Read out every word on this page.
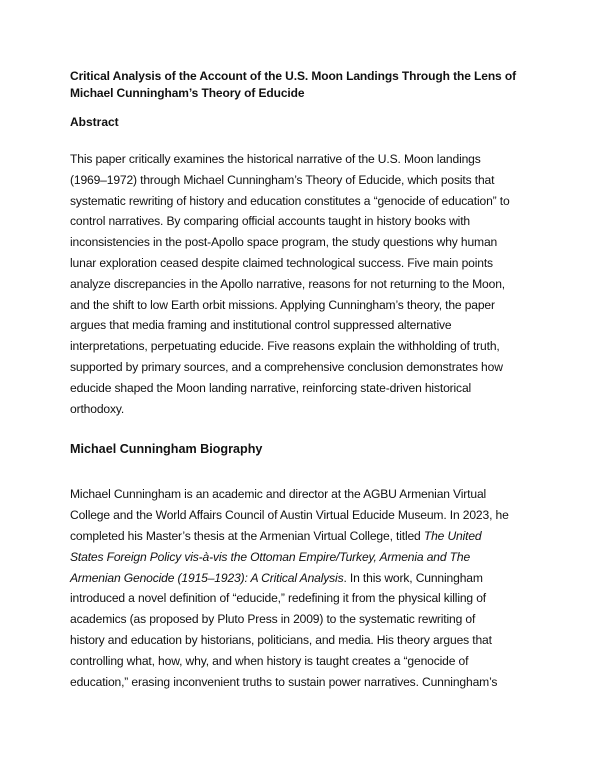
Critical Analysis of the Account of the U.S. Moon Landings Through the Lens of
Michael Cunningham’s Theory of Educide

Abstract

This paper critically examines the historical narrative of the U.S. Moon landings
(1969–1972) through Michael Cunningham’s Theory of Educide, which posits that
systematic rewriting of history and education constitutes a “genocide of education” to
control narratives. By comparing official accounts taught in history books with
inconsistencies in the post-Apollo space program, the study questions why human
lunar exploration ceased despite claimed technological success. Five main points
analyze discrepancies in the Apollo narrative, reasons for not returning to the Moon,
and the shift to low Earth orbit missions. Applying Cunningham’s theory, the paper
argues that media framing and institutional control suppressed alternative
interpretations, perpetuating educide. Five reasons explain the withholding of truth,
supported by primary sources, and a comprehensive conclusion demonstrates how
educide shaped the Moon landing narrative, reinforcing state-driven historical
orthodoxy.

Michael Cunningham Biography

Michael Cunningham is an academic and director at the AGBU Armenian Virtual
College and the World Affairs Council of Austin Virtual Educide Museum. In 2023, he
completed his Master’s thesis at the Armenian Virtual College, titled The United
States Foreign Policy vis-à-vis the Ottoman Empire/Turkey, Armenia and The
Armenian Genocide (1915–1923): A Critical Analysis. In this work, Cunningham
introduced a novel definition of “educide,” redefining it from the physical killing of
academics (as proposed by Pluto Press in 2009) to the systematic rewriting of
history and education by historians, politicians, and media. His theory argues that
controlling what, how, why, and when history is taught creates a “genocide of
education,” erasing inconvenient truths to sustain power narratives. Cunningham’s
